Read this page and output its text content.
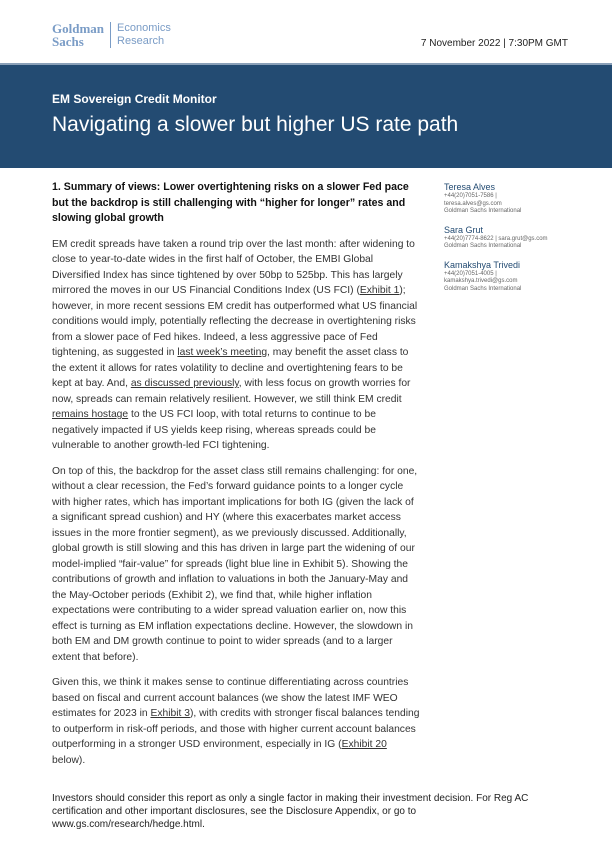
Goldman
Sachs
Economics
Research	7 November 2022 | 7:30PM GMT
EM Sovereign Credit Monitor
Navigating a slower but higher US rate path
Teresa Alves
+44(20)7051-7586 |
teresa.alves@gs.com
Goldman Sachs International
Sara Grut
+44(20)7774-8622 | sara.grut@gs.com
Goldman Sachs International
Kamakshya Trivedi
+44(20)7051-4005 |
kamakshya.trivedi@gs.com
Goldman Sachs International
1. Summary of views: Lower overtightening risks on a slower Fed pace but the backdrop is still challenging with “higher for longer” rates and slowing global growth

EM credit spreads have taken a round trip over the last month: after widening to close to year-to-date wides in the first half of October, the EMBI Global Diversified Index has since tightened by over 50bp to 525bp. This has largely mirrored the moves in our US Financial Conditions Index (US FCI) (Exhibit 1); however, in more recent sessions EM credit has outperformed what US financial conditions would imply, potentially reflecting the decrease in overtightening risks from a slower pace of Fed hikes. Indeed, a less aggressive pace of Fed tightening, as suggested in last week’s meeting, may benefit the asset class to the extent it allows for rates volatility to decline and overtightening fears to be kept at bay. And, as discussed previously, with less focus on growth worries for now, spreads can remain relatively resilient. However, we still think EM credit remains hostage to the US FCI loop, with total returns to continue to be negatively impacted if US yields keep rising, whereas spreads could be vulnerable to another growth-led FCI tightening.

On top of this, the backdrop for the asset class still remains challenging: for one, without a clear recession, the Fed’s forward guidance points to a longer cycle with higher rates, which has important implications for both IG (given the lack of a significant spread cushion) and HY (where this exacerbates market access issues in the more frontier segment), as we previously discussed. Additionally, global growth is still slowing and this has driven in large part the widening of our model-implied “fair-value” for spreads (light blue line in Exhibit 5). Showing the contributions of growth and inflation to valuations in both the January-May and the May-October periods (Exhibit 2), we find that, while higher inflation expectations were contributing to a wider spread valuation earlier on, now this effect is turning as EM inflation expectations decline. However, the slowdown in both EM and DM growth continue to point to wider spreads (and to a larger extent that before).

Given this, we think it makes sense to continue differentiating across countries based on fiscal and current account balances (we show the latest IMF WEO estimates for 2023 in Exhibit 3), with credits with stronger fiscal balances tending to outperform in risk-off periods, and those with higher current account balances outperforming in a stronger USD environment, especially in IG (Exhibit 20 below).

Investors should consider this report as only a single factor in making their investment decision. For Reg AC certification and other important disclosures, see the Disclosure Appendix, or go to www.gs.com/research/hedge.html.
